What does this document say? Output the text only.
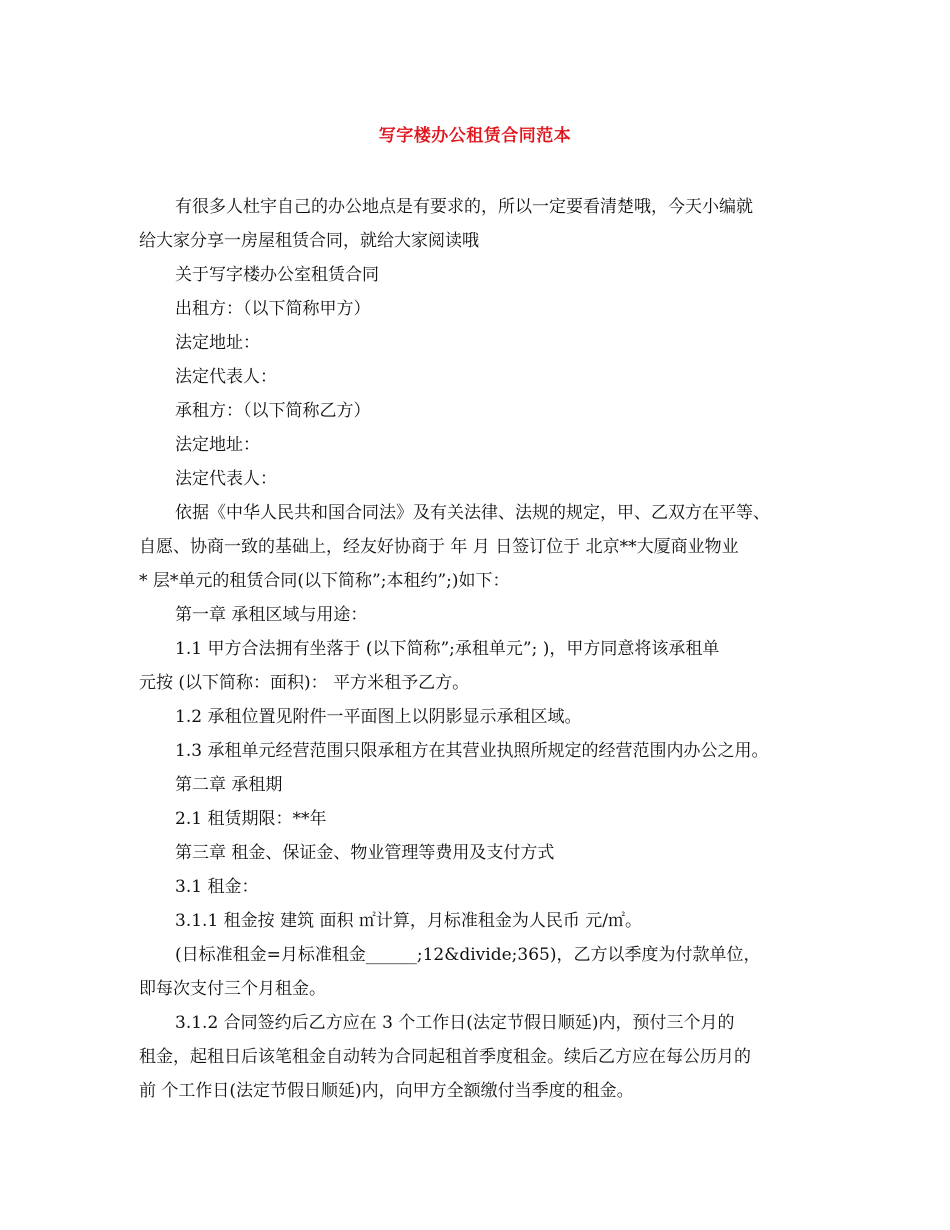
写字楼办公租赁合同范本
有很多人杜宇自己的办公地点是有要求的，所以一定要看清楚哦，今天小编就
给大家分享一房屋租赁合同，就给大家阅读哦
关于写字楼办公室租赁合同
出租方：（以下简称甲方）
法定地址：
法定代表人：
承租方：（以下简称乙方）
法定地址：
法定代表人：
依据《中华人民共和国合同法》及有关法律、法规的规定，甲、乙双方在平等、
自愿、协商一致的基础上，经友好协商于 年 月 日签订位于 北京**大厦商业物业
* 层*单元的租赁合同(以下简称”;本租约”;)如下：
第一章 承租区域与用途：
1.1 甲方合法拥有坐落于 (以下简称”;承租单元”; )，甲方同意将该承租单
元按 (以下简称：面积)： 平方米租予乙方。
1.2 承租位置见附件一平面图上以阴影显示承租区域。
1.3 承租单元经营范围只限承租方在其营业执照所规定的经营范围内办公之用。
第二章 承租期
2.1 租赁期限：**年
第三章 租金、保证金、物业管理等费用及支付方式
3.1 租金：
3.1.1 租金按 建筑 面积 ㎡计算，月标准租金为人民币 元/㎡。
(日标准租金=月标准租金______;12&divide;365)，乙方以季度为付款单位，
即每次支付三个月租金。
3.1.2 合同签约后乙方应在 3 个工作日(法定节假日顺延)内，预付三个月的
租金，起租日后该笔租金自动转为合同起租首季度租金。续后乙方应在每公历月的
前 个工作日(法定节假日顺延)内，向甲方全额缴付当季度的租金。
